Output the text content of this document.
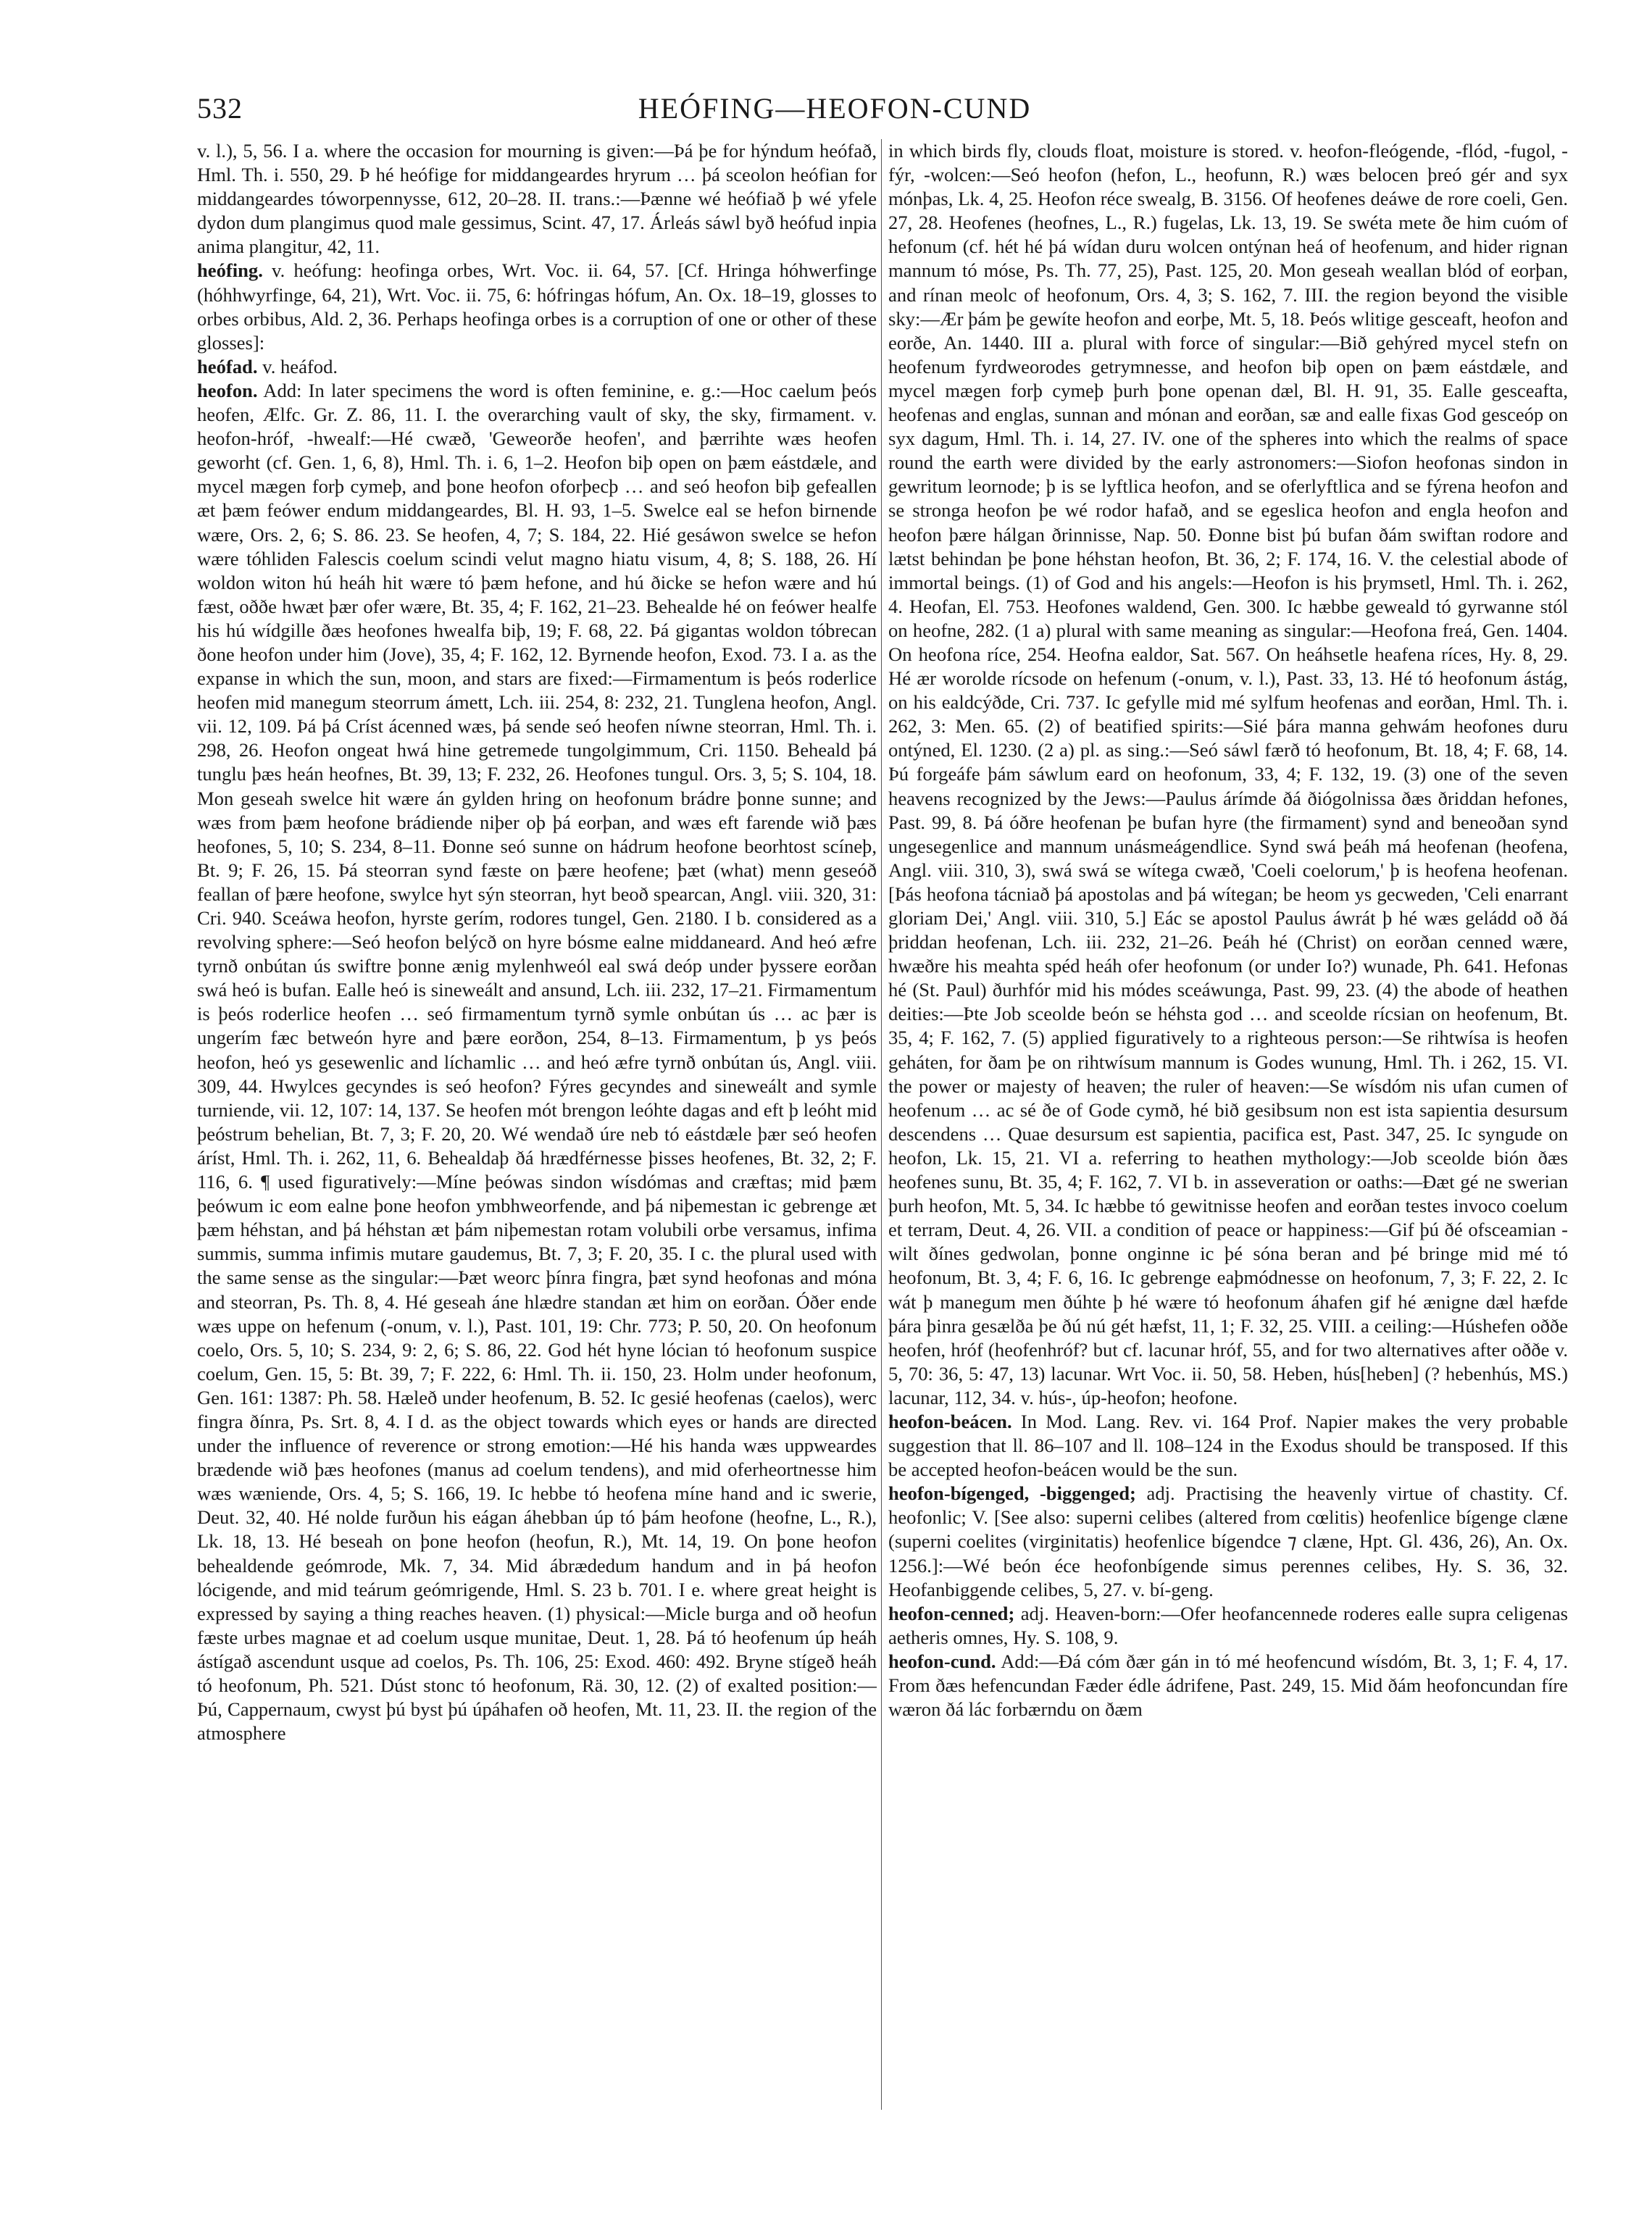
532	HEÓFING—HEOFON-CUND

v. l.), 5, 56. I a. where the occasion for mourning is given:—Þá þe for hýndum heófað, Hml. Th. i. 550, 29. Þ hé heófige for middangeardes hryrum … þá sceolon heófian for middangeardes tóworpennysse, 612, 20–28. II. trans.:—Þænne wé heófiað þ wé yfele dydon dum plangimus quod male gessimus, Scint. 47, 17. Árleás sáwl byð heófud inpia anima plangitur, 42, 11.

heófing. v. heófung: heofinga orbes, Wrt. Voc. ii. 64, 57. [Cf. Hringa hóhwerfinge (hóhhwyrfinge, 64, 21), Wrt. Voc. ii. 75, 6: hófringas hófum, An. Ox. 18–19, glosses to orbes orbibus, Ald. 2, 36. Perhaps heofinga orbes is a corruption of one or other of these glosses]:

heófad. v. heáfod.

heofon. Add: In later specimens the word is often feminine, e. g.:—Hoc caelum þeós heofen, Ælfc. Gr. Z. 86, 11. I. the overarching vault of sky, the sky, firmament. v. heofon-hróf, -hwealf:—Hé cwæð, 'Geweorðe heofen', and þærrihte wæs heofen geworht (cf. Gen. 1, 6, 8), Hml. Th. i. 6, 1–2. Heofon biþ open on þæm eástdæle, and mycel mægen forþ cymeþ, and þone heofon oforþecþ … and seó heofon biþ gefeallen æt þæm feówer endum middangeardes, Bl. H. 93, 1–5. Swelce eal se hefon birnende wære, Ors. 2, 6; S. 86. 23. Se heofen, 4, 7; S. 184, 22. Hié gesáwon swelce se hefon wære tóhliden Falescis coelum scindi velut magno hiatu visum, 4, 8; S. 188, 26. Hí woldon witon hú heáh hit wære tó þæm hefone, and hú ðicke se hefon wære and hú fæst, oððe hwæt þær ofer wære, Bt. 35, 4; F. 162, 21–23. Behealde hé on feówer healfe his hú wídgille ðæs heofones hwealfa biþ, 19; F. 68, 22. Þá gigantas woldon tóbrecan ðone heofon under him (Jove), 35, 4; F. 162, 12. Byrnende heofon, Exod. 73. I a. as the expanse in which the sun, moon, and stars are fixed:—Firmamentum is þeós roderlice heofen mid manegum steorrum ámett, Lch. iii. 254, 8: 232, 21. Tunglena heofon, Angl. vii. 12, 109. Þá þá Críst ácenned wæs, þá sende seó heofen níwne steorran, Hml. Th. i. 298, 26. Heofon ongeat hwá hine getremede tungolgimmum, Cri. 1150. Beheald þá tunglu þæs heán heofnes, Bt. 39, 13; F. 232, 26. Heofones tungul. Ors. 3, 5; S. 104, 18. Mon geseah swelce hit wære án gylden hring on heofonum brádre þonne sunne; and wæs from þæm heofone brádiende niþer oþ þá eorþan, and wæs eft farende wið þæs heofones, 5, 10; S. 234, 8–11. Ðonne seó sunne on hádrum heofone beorhtost scíneþ, Bt. 9; F. 26, 15. Þá steorran synd fæste on þære heofene; þæt (what) menn geseóð feallan of þære heofone, swylce hyt sýn steorran, hyt beoð spearcan, Angl. viii. 320, 31: Cri. 940. Sceáwa heofon, hyrste gerím, rodores tungel, Gen. 2180. I b. considered as a revolving sphere:—Seó heofon belýcð on hyre bósme ealne middaneard. And heó æfre tyrnð onbútan ús swiftre þonne ænig mylenhweól eal swá deóp under þyssere eorðan swá heó is bufan. Ealle heó is sineweált and ansund, Lch. iii. 232, 17–21. Firmamentum is þeós roderlice heofen … seó firmamentum tyrnð symle onbútan ús … ac þær is ungerím fæc betweón hyre and þære eorðon, 254, 8–13. Firmamentum, þ ys þeós heofon, heó ys gesewenlic and líchamlic … and heó æfre tyrnð onbútan ús, Angl. viii. 309, 44. Hwylces gecyndes is seó heofon? Fýres gecyndes and sineweált and symle turniende, vii. 12, 107: 14, 137. Se heofen mót brengon leóhte dagas and eft þ leóht mid þeóstrum behelian, Bt. 7, 3; F. 20, 20. Wé wendað úre neb tó eástdæle þær seó heofen áríst, Hml. Th. i. 262, 11, 6. Behealdaþ ðá hrædférnesse þisses heofenes, Bt. 32, 2; F. 116, 6. ¶ used figuratively:—Míne þeówas sindon wísdómas and cræftas; mid þæm þeówum ic eom ealne þone heofon ymbhweorfende, and þá niþemestan ic gebrenge æt þæm héhstan, and þá héhstan æt þám niþemestan rotam volubili orbe versamus, infima summis, summa infimis mutare gaudemus, Bt. 7, 3; F. 20, 35. I c. the plural used with the same sense as the singular:—Þæt weorc þínra fingra, þæt synd heofonas and móna and steorran, Ps. Th. 8, 4. Hé geseah áne hlædre standan æt him on eorðan. Óðer ende wæs uppe on hefenum (-onum, v. l.), Past. 101, 19: Chr. 773; P. 50, 20. On heofonum coelo, Ors. 5, 10; S. 234, 9: 2, 6; S. 86, 22. God hét hyne lócian tó heofonum suspice coelum, Gen. 15, 5: Bt. 39, 7; F. 222, 6: Hml. Th. ii. 150, 23. Holm under heofonum, Gen. 161: 1387: Ph. 58. Hæleð under heofenum, B. 52. Ic gesié heofenas (caelos), werc fingra ðínra, Ps. Srt. 8, 4. I d. as the object towards which eyes or hands are directed under the influence of reverence or strong emotion:—Hé his handa wæs uppweardes brædende wið þæs heofones (manus ad coelum tendens), and mid oferheortnesse him wæs wæniende, Ors. 4, 5; S. 166, 19. Ic hebbe tó heofena míne hand and ic swerie, Deut. 32, 40. Hé nolde furðun his eágan áhebban úp tó þám heofone (heofne, L., R.), Lk. 18, 13. Hé beseah on þone heofon (heofun, R.), Mt. 14, 19. On þone heofon behealdende geómrode, Mk. 7, 34. Mid ábrædedum handum and in þá heofon lócigende, and mid teárum geómrigende, Hml. S. 23 b. 701. I e. where great height is expressed by saying a thing reaches heaven. (1) physical:—Micle burga and oð heofun fæste urbes magnae et ad coelum usque munitae, Deut. 1, 28. Þá tó heofenum úp heáh ástígað ascendunt usque ad coelos, Ps. Th. 106, 25: Exod. 460: 492. Bryne stígeð heáh tó heofonum, Ph. 521. Dúst stonc tó heofonum, Rä. 30, 12. (2) of exalted position:—Þú, Cappernaum, cwyst þú byst þú úpáhafen oð heofen, Mt. 11, 23. II. the region of the atmosphere

in which birds fly, clouds float, moisture is stored. v. heofon-fleógende, -flód, -fugol, -fýr, -wolcen:—Seó heofon (hefon, L., heofunn, R.) wæs belocen þreó gér and syx mónþas, Lk. 4, 25. Heofon réce swealg, B. 3156. Of heofenes deáwe de rore coeli, Gen. 27, 28. Heofenes (heofnes, L., R.) fugelas, Lk. 13, 19. Se swéta mete ðe him cuóm of hefonum (cf. hét hé þá wídan duru wolcen ontýnan heá of heofenum, and hider rignan mannum tó móse, Ps. Th. 77, 25), Past. 125, 20. Mon geseah weallan blód of eorþan, and rínan meolc of heofonum, Ors. 4, 3; S. 162, 7. III. the region beyond the visible sky:—Ær þám þe gewíte heofon and eorþe, Mt. 5, 18. Þeós wlitige gesceaft, heofon and eorðe, An. 1440. III a. plural with force of singular:—Bið gehýred mycel stefn on heofenum fyrdweorodes getrymnesse, and heofon biþ open on þæm eástdæle, and mycel mægen forþ cymeþ þurh þone openan dæl, Bl. H. 91, 35. Ealle gesceafta, heofenas and englas, sunnan and mónan and eorðan, sæ and ealle fixas God gesceóp on syx dagum, Hml. Th. i. 14, 27. IV. one of the spheres into which the realms of space round the earth were divided by the early astronomers:—Siofon heofonas sindon in gewritum leornode; þ is se lyftlica heofon, and se oferlyftlica and se fýrena heofon and se stronga heofon þe wé rodor hafað, and se egeslica heofon and engla heofon and heofon þære hálgan ðrinnisse, Nap. 50. Ðonne bist þú bufan ðám swiftan rodore and lætst behindan þe þone héhstan heofon, Bt. 36, 2; F. 174, 16. V. the celestial abode of immortal beings. (1) of God and his angels:—Heofon is his þrymsetl, Hml. Th. i. 262, 4. Heofan, El. 753. Heofones waldend, Gen. 300. Ic hæbbe geweald tó gyrwanne stól on heofne, 282. (1 a) plural with same meaning as singular:—Heofona freá, Gen. 1404. On heofona ríce, 254. Heofna ealdor, Sat. 567. On heáhsetle heafena ríces, Hy. 8, 29. Hé ær worolde rícsode on hefenum (-onum, v. l.), Past. 33, 13. Hé tó heofonum ástág, on his ealdcýðde, Cri. 737. Ic gefylle mid mé sylfum heofenas and eorðan, Hml. Th. i. 262, 3: Men. 65. (2) of beatified spirits:—Sié þára manna gehwám heofones duru ontýned, El. 1230. (2 a) pl. as sing.:—Seó sáwl færð tó heofonum, Bt. 18, 4; F. 68, 14. Þú forgeáfe þám sáwlum eard on heofonum, 33, 4; F. 132, 19. (3) one of the seven heavens recognized by the Jews:—Paulus árímde ðá ðiógolnissa ðæs ðriddan hefones, Past. 99, 8. Þá óðre heofenan þe bufan hyre (the firmament) synd and beneoðan synd ungesegenlice and mannum unásmeágendlice. Synd swá þeáh má heofenan (heofena, Angl. viii. 310, 3), swá swá se wítega cwæð, 'Coeli coelorum,' þ is heofena heofenan. [Þás heofona tácniað þá apostolas and þá wítegan; be heom ys gecweden, 'Celi enarrant gloriam Dei,' Angl. viii. 310, 5.] Eác se apostol Paulus áwrát þ hé wæs geládd oð ðá þriddan heofenan, Lch. iii. 232, 21–26. Þeáh hé (Christ) on eorðan cenned wære, hwæðre his meahta spéd heáh ofer heofonum (or under Io?) wunade, Ph. 641. Hefonas hé (St. Paul) ðurhfór mid his módes sceáwunga, Past. 99, 23. (4) the abode of heathen deities:—Þte Job sceolde beón se héhsta god … and sceolde rícsian on heofenum, Bt. 35, 4; F. 162, 7. (5) applied figuratively to a righteous person:—Se rihtwísa is heofen geháten, for ðam þe on rihtwísum mannum is Godes wunung, Hml. Th. i 262, 15. VI. the power or majesty of heaven; the ruler of heaven:—Se wísdóm nis ufan cumen of heofenum … ac sé ðe of Gode cymð, hé bið gesibsum non est ista sapientia desursum descendens … Quae desursum est sapientia, pacifica est, Past. 347, 25. Ic syngude on heofon, Lk. 15, 21. VI a. referring to heathen mythology:—Job sceolde bión ðæs heofenes sunu, Bt. 35, 4; F. 162, 7. VI b. in asseveration or oaths:—Ðæt gé ne swerian þurh heofon, Mt. 5, 34. Ic hæbbe tó gewitnisse heofen and eorðan testes invoco coelum et terram, Deut. 4, 26. VII. a condition of peace or happiness:—Gif þú ðé ofsceamian -wilt ðínes gedwolan, þonne onginne ic þé sóna beran and þé bringe mid mé tó heofonum, Bt. 3, 4; F. 6, 16. Ic gebrenge eaþmódnesse on heofonum, 7, 3; F. 22, 2. Ic wát þ manegum men ðúhte þ hé wære tó heofonum áhafen gif hé ænigne dæl hæfde þára þinra gesælða þe ðú nú gét hæfst, 11, 1; F. 32, 25. VIII. a ceiling:—Húshefen oððe heofen, hróf (heofenhróf? but cf. lacunar hróf, 55, and for two alternatives after oððe v. 5, 70: 36, 5: 47, 13) lacunar. Wrt Voc. ii. 50, 58. Heben, hús[heben] (? hebenhús, MS.) lacunar, 112, 34. v. hús-, úp-heofon; heofone.

heofon-beácen. In Mod. Lang. Rev. vi. 164 Prof. Napier makes the very probable suggestion that ll. 86–107 and ll. 108–124 in the Exodus should be transposed. If this be accepted heofon-beácen would be the sun.

heofon-bígenged, -biggenged; adj. Practising the heavenly virtue of chastity. Cf. heofonlic; V. [See also: superni celibes (altered from cœlitis) heofenlice bígenge clæne (superni coelites (virginitatis) heofenlice bígendce ⁊ clæne, Hpt. Gl. 436, 26), An. Ox. 1256.]:—Wé beón éce heofonbígende simus perennes celibes, Hy. S. 36, 32. Heofanbiggende celibes, 5, 27. v. bí-geng.

heofon-cenned; adj. Heaven-born:—Ofer heofancennede roderes ealle supra celigenas aetheris omnes, Hy. S. 108, 9.

heofon-cund. Add:—Ðá cóm ðær gán in tó mé heofencund wísdóm, Bt. 3, 1; F. 4, 17. From ðæs hefencundan Fæder édle ádrifene, Past. 249, 15. Mid ðám heofoncundan fíre wæron ðá lác forbærndu on ðæm
